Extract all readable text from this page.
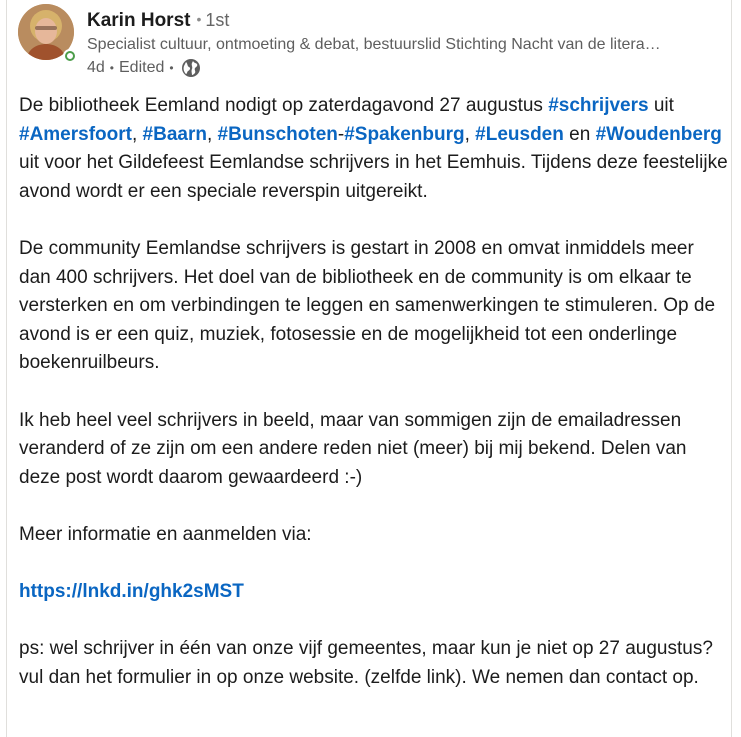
Karin Horst • 1st
Specialist cultuur, ontmoeting & debat, bestuurslid Stichting Nacht van de litera…
4d • Edited •

De bibliotheek Eemland nodigt op zaterdagavond 27 augustus #schrijvers uit #Amersfoort, #Baarn, #Bunschoten-#Spakenburg, #Leusden en #Woudenberg uit voor het Gildefeest Eemlandse schrijvers in het Eemhuis. Tijdens deze feestelijke avond wordt er een speciale reverspin uitgereikt.

De community Eemlandse schrijvers is gestart in 2008 en omvat inmiddels meer dan 400 schrijvers. Het doel van de bibliotheek en de community is om elkaar te versterken en om verbindingen te leggen en samenwerkingen te stimuleren. Op de avond is er een quiz, muziek, fotosessie en de mogelijkheid tot een onderlinge boekenruilbeurs.

Ik heb heel veel schrijvers in beeld, maar van sommigen zijn de emailadressen veranderd of ze zijn om een andere reden niet (meer) bij mij bekend. Delen van deze post wordt daarom gewaardeerd :-)

Meer informatie en aanmelden via:

https://lnkd.in/ghk2sMST

ps: wel schrijver in één van onze vijf gemeentes, maar kun je niet op 27 augustus? vul dan het formulier in op onze website. (zelfde link). We nemen dan contact op.
